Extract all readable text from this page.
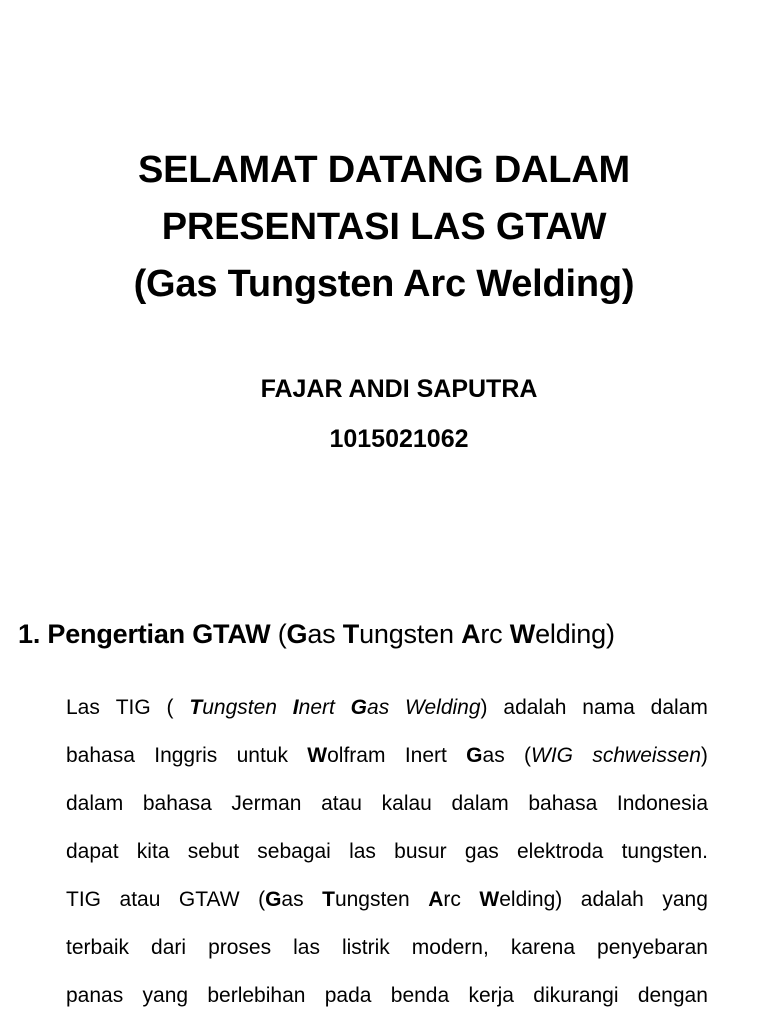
SELAMAT DATANG DALAM
PRESENTASI LAS GTAW
(Gas Tungsten Arc Welding)
FAJAR ANDI SAPUTRA
1015021062
1. Pengertian GTAW (Gas Tungsten Arc Welding)
Las TIG ( Tungsten Inert Gas Welding) adalah nama dalam
bahasa Inggris untuk Wolfram Inert Gas (WIG schweissen)
dalam bahasa Jerman atau kalau dalam bahasa Indonesia
dapat kita sebut sebagai las busur gas elektroda tungsten.
TIG atau GTAW (Gas Tungsten Arc Welding) adalah yang
terbaik dari proses las listrik modern, karena penyebaran
panas yang berlebihan pada benda kerja dikurangi dengan
